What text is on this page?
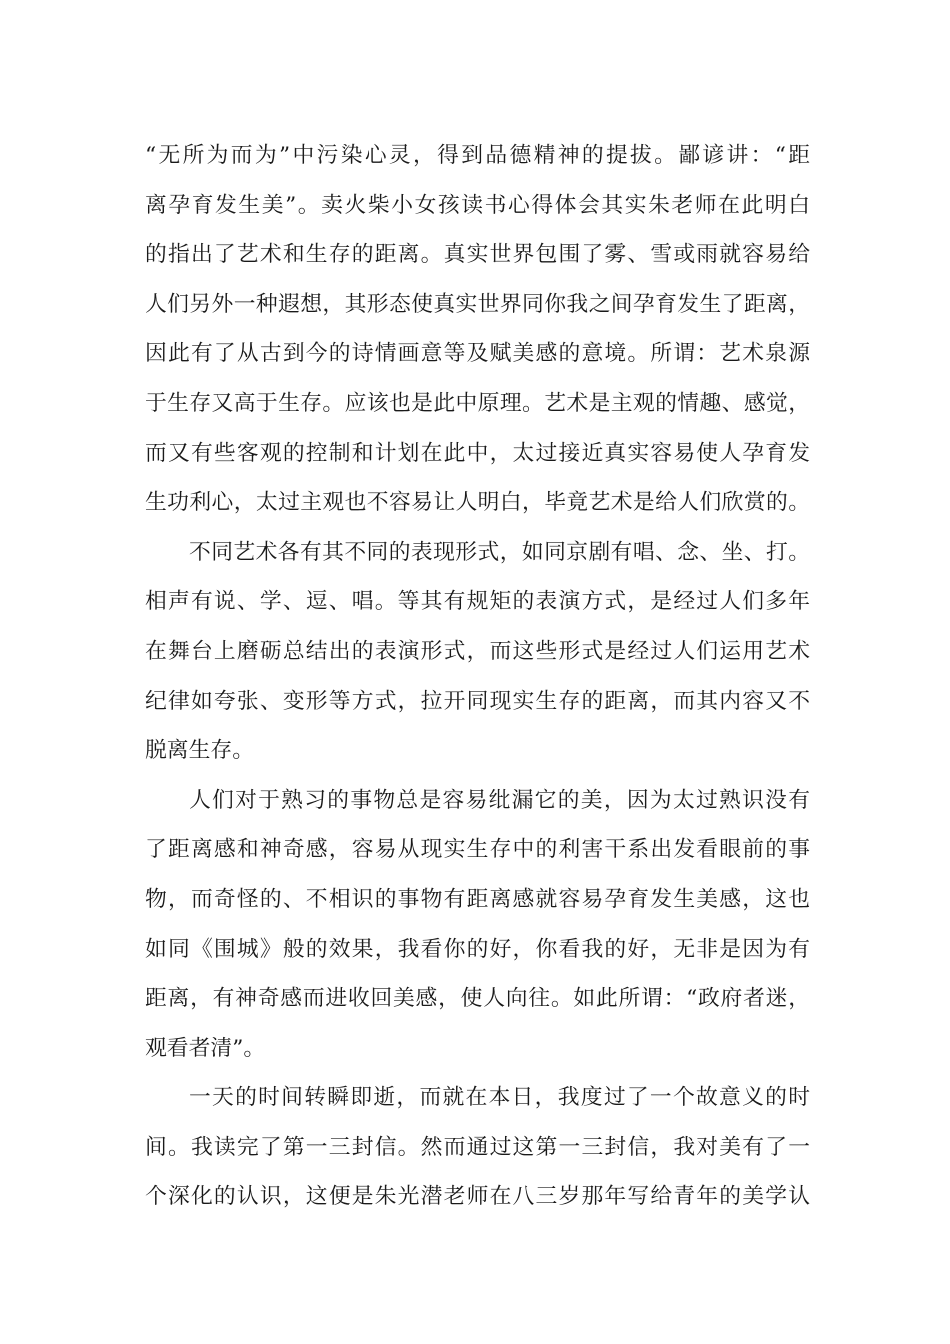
“无所为而为”中污染心灵，得到品德精神的提拔。鄙谚讲：“距
离孕育发生美”。卖火柴小女孩读书心得体会其实朱老师在此明白
的指出了艺术和生存的距离。真实世界包围了雾、雪或雨就容易给
人们另外一种遐想，其形态使真实世界同你我之间孕育发生了距离，
因此有了从古到今的诗情画意等及赋美感的意境。所谓：艺术泉源
于生存又高于生存。应该也是此中原理。艺术是主观的情趣、感觉，
而又有些客观的控制和计划在此中，太过接近真实容易使人孕育发
生功利心，太过主观也不容易让人明白，毕竟艺术是给人们欣赏的。
不同艺术各有其不同的表现形式，如同京剧有唱、念、坐、打。
相声有说、学、逗、唱。等其有规矩的表演方式，是经过人们多年
在舞台上磨砺总结出的表演形式，而这些形式是经过人们运用艺术
纪律如夸张、变形等方式，拉开同现实生存的距离，而其内容又不
脱离生存。
人们对于熟习的事物总是容易纰漏它的美，因为太过熟识没有
了距离感和神奇感，容易从现实生存中的利害干系出发看眼前的事
物，而奇怪的、不相识的事物有距离感就容易孕育发生美感，这也
如同《围城》般的效果，我看你的好，你看我的好，无非是因为有
距离，有神奇感而进收回美感，使人向往。如此所谓：“政府者迷，
观看者清”。
一天的时间转瞬即逝，而就在本日，我度过了一个故意义的时
间。我读完了第一三封信。然而通过这第一三封信，我对美有了一
个深化的认识，这便是朱光潜老师在八三岁那年写给青年的美学认
